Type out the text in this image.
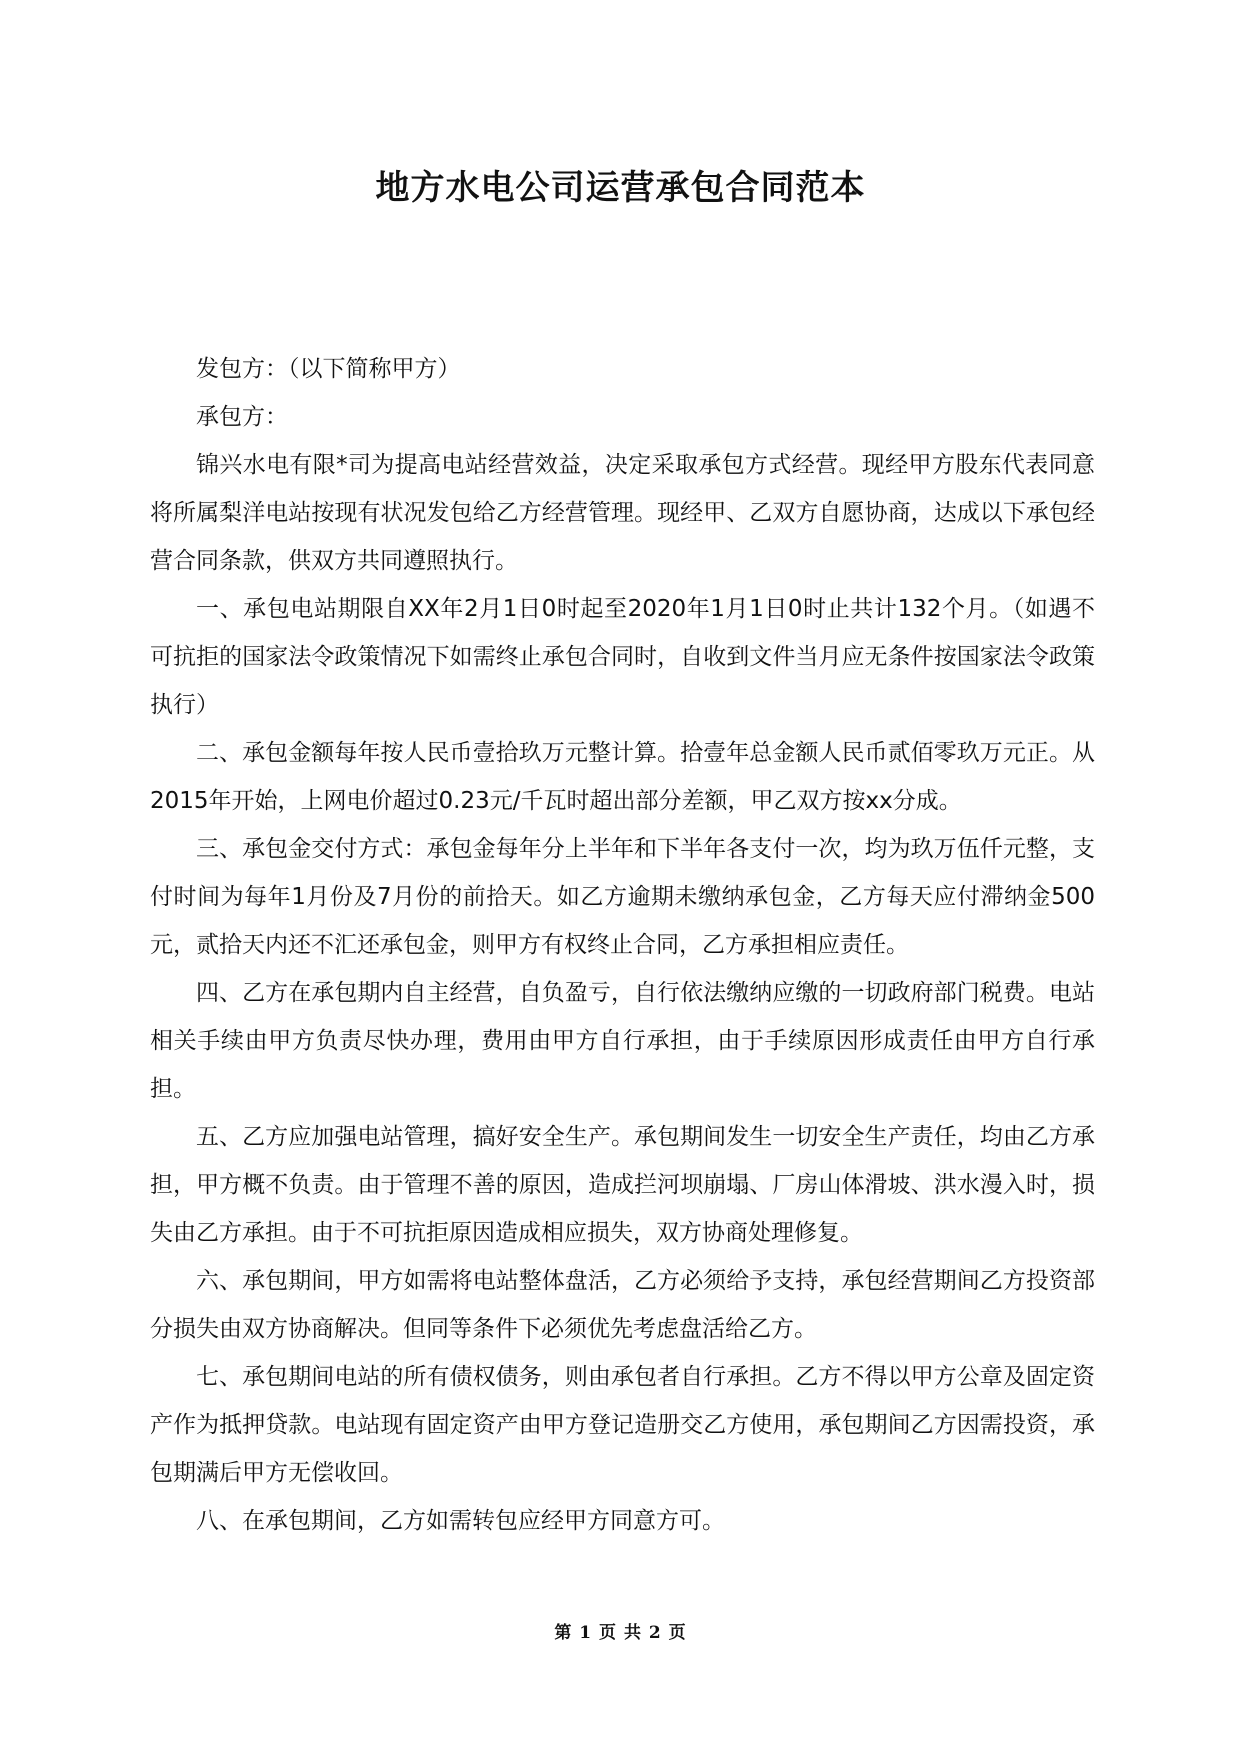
地方水电公司运营承包合同范本

发包方：（以下简称甲方）

承包方：

锦兴水电有限*司为提高电站经营效益，决定采取承包方式经营。现经甲方股东代表同意将所属梨洋电站按现有状况发包给乙方经营管理。现经甲、乙双方自愿协商，达成以下承包经营合同条款，供双方共同遵照执行。

一、承包电站期限自XX年2月1日0时起至2020年1月1日0时止共计132个月。（如遇不可抗拒的国家法令政策情况下如需终止承包合同时，自收到文件当月应无条件按国家法令政策执行）

二、承包金额每年按人民币壹拾玖万元整计算。拾壹年总金额人民币贰佰零玖万元正。从2015年开始，上网电价超过0.23元/千瓦时超出部分差额，甲乙双方按xx分成。

三、承包金交付方式：承包金每年分上半年和下半年各支付一次，均为玖万伍仟元整，支付时间为每年1月份及7月份的前拾天。如乙方逾期未缴纳承包金，乙方每天应付滞纳金500元，贰拾天内还不汇还承包金，则甲方有权终止合同，乙方承担相应责任。

四、乙方在承包期内自主经营，自负盈亏，自行依法缴纳应缴的一切政府部门税费。电站相关手续由甲方负责尽快办理，费用由甲方自行承担，由于手续原因形成责任由甲方自行承担。

五、乙方应加强电站管理，搞好安全生产。承包期间发生一切安全生产责任，均由乙方承担，甲方概不负责。由于管理不善的原因，造成拦河坝崩塌、厂房山体滑坡、洪水漫入时，损失由乙方承担。由于不可抗拒原因造成相应损失，双方协商处理修复。

六、承包期间，甲方如需将电站整体盘活，乙方必须给予支持，承包经营期间乙方投资部分损失由双方协商解决。但同等条件下必须优先考虑盘活给乙方。

七、承包期间电站的所有债权债务，则由承包者自行承担。乙方不得以甲方公章及固定资产作为抵押贷款。电站现有固定资产由甲方登记造册交乙方使用，承包期间乙方因需投资，承包期满后甲方无偿收回。

八、在承包期间，乙方如需转包应经甲方同意方可。

第 1 页 共 2 页
